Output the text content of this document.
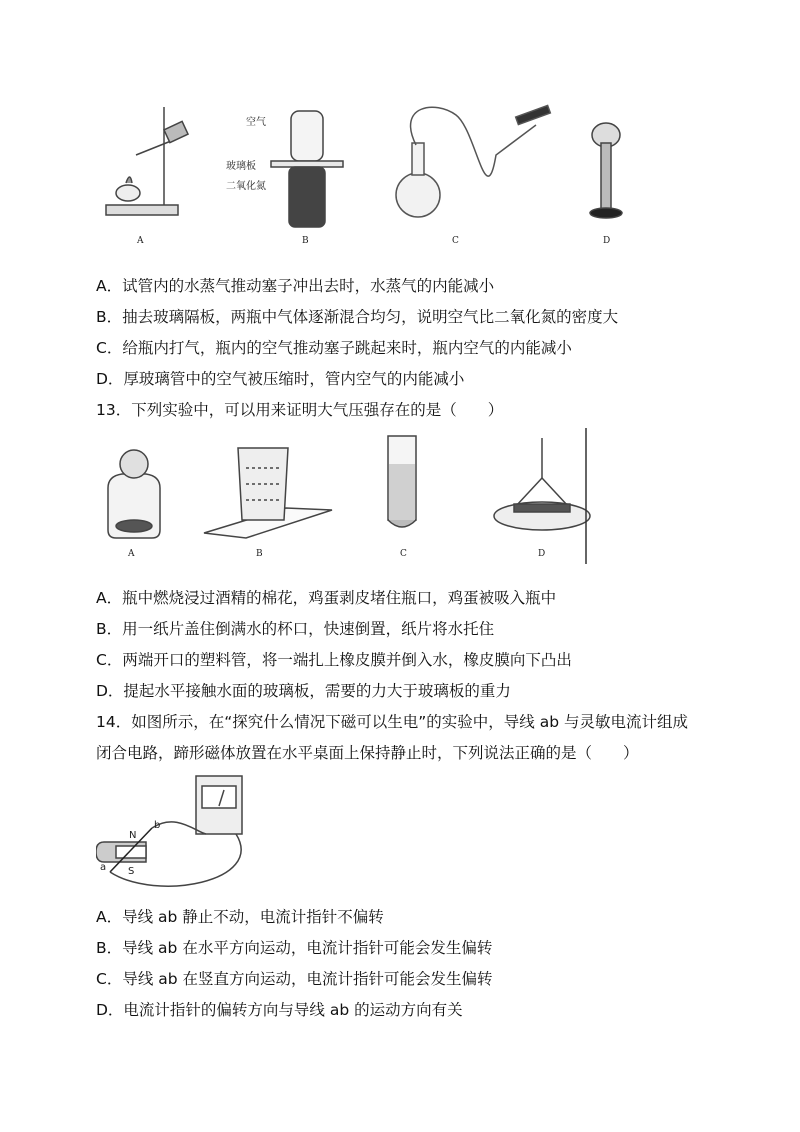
A
空气
玻璃板
二氧化氮
B	C	D
A．试管内的水蒸气推动塞子冲出去时，水蒸气的内能减小
B．抽去玻璃隔板，两瓶中气体逐渐混合均匀，说明空气比二氧化氮的密度大
C．给瓶内打气，瓶内的空气推动塞子跳起来时，瓶内空气的内能减小
D．厚玻璃管中的空气被压缩时，管内空气的内能减小
13．下列实验中，可以用来证明大气压强存在的是（　　）
A	B	C	D
A．瓶中燃烧浸过酒精的棉花，鸡蛋剥皮堵住瓶口，鸡蛋被吸入瓶中
B．用一纸片盖住倒满水的杯口，快速倒置，纸片将水托住
C．两端开口的塑料管，将一端扎上橡皮膜并倒入水，橡皮膜向下凸出
D．提起水平接触水面的玻璃板，需要的力大于玻璃板的重力
14．如图所示，在“探究什么情况下磁可以生电”的实验中，导线 ab 与灵敏电流计组成
闭合电路，蹄形磁体放置在水平桌面上保持静止时，下列说法正确的是（　　）
N
S
a
b
A．导线 ab 静止不动，电流计指针不偏转
B．导线 ab 在水平方向运动，电流计指针可能会发生偏转
C．导线 ab 在竖直方向运动，电流计指针可能会发生偏转
D．电流计指针的偏转方向与导线 ab 的运动方向有关
